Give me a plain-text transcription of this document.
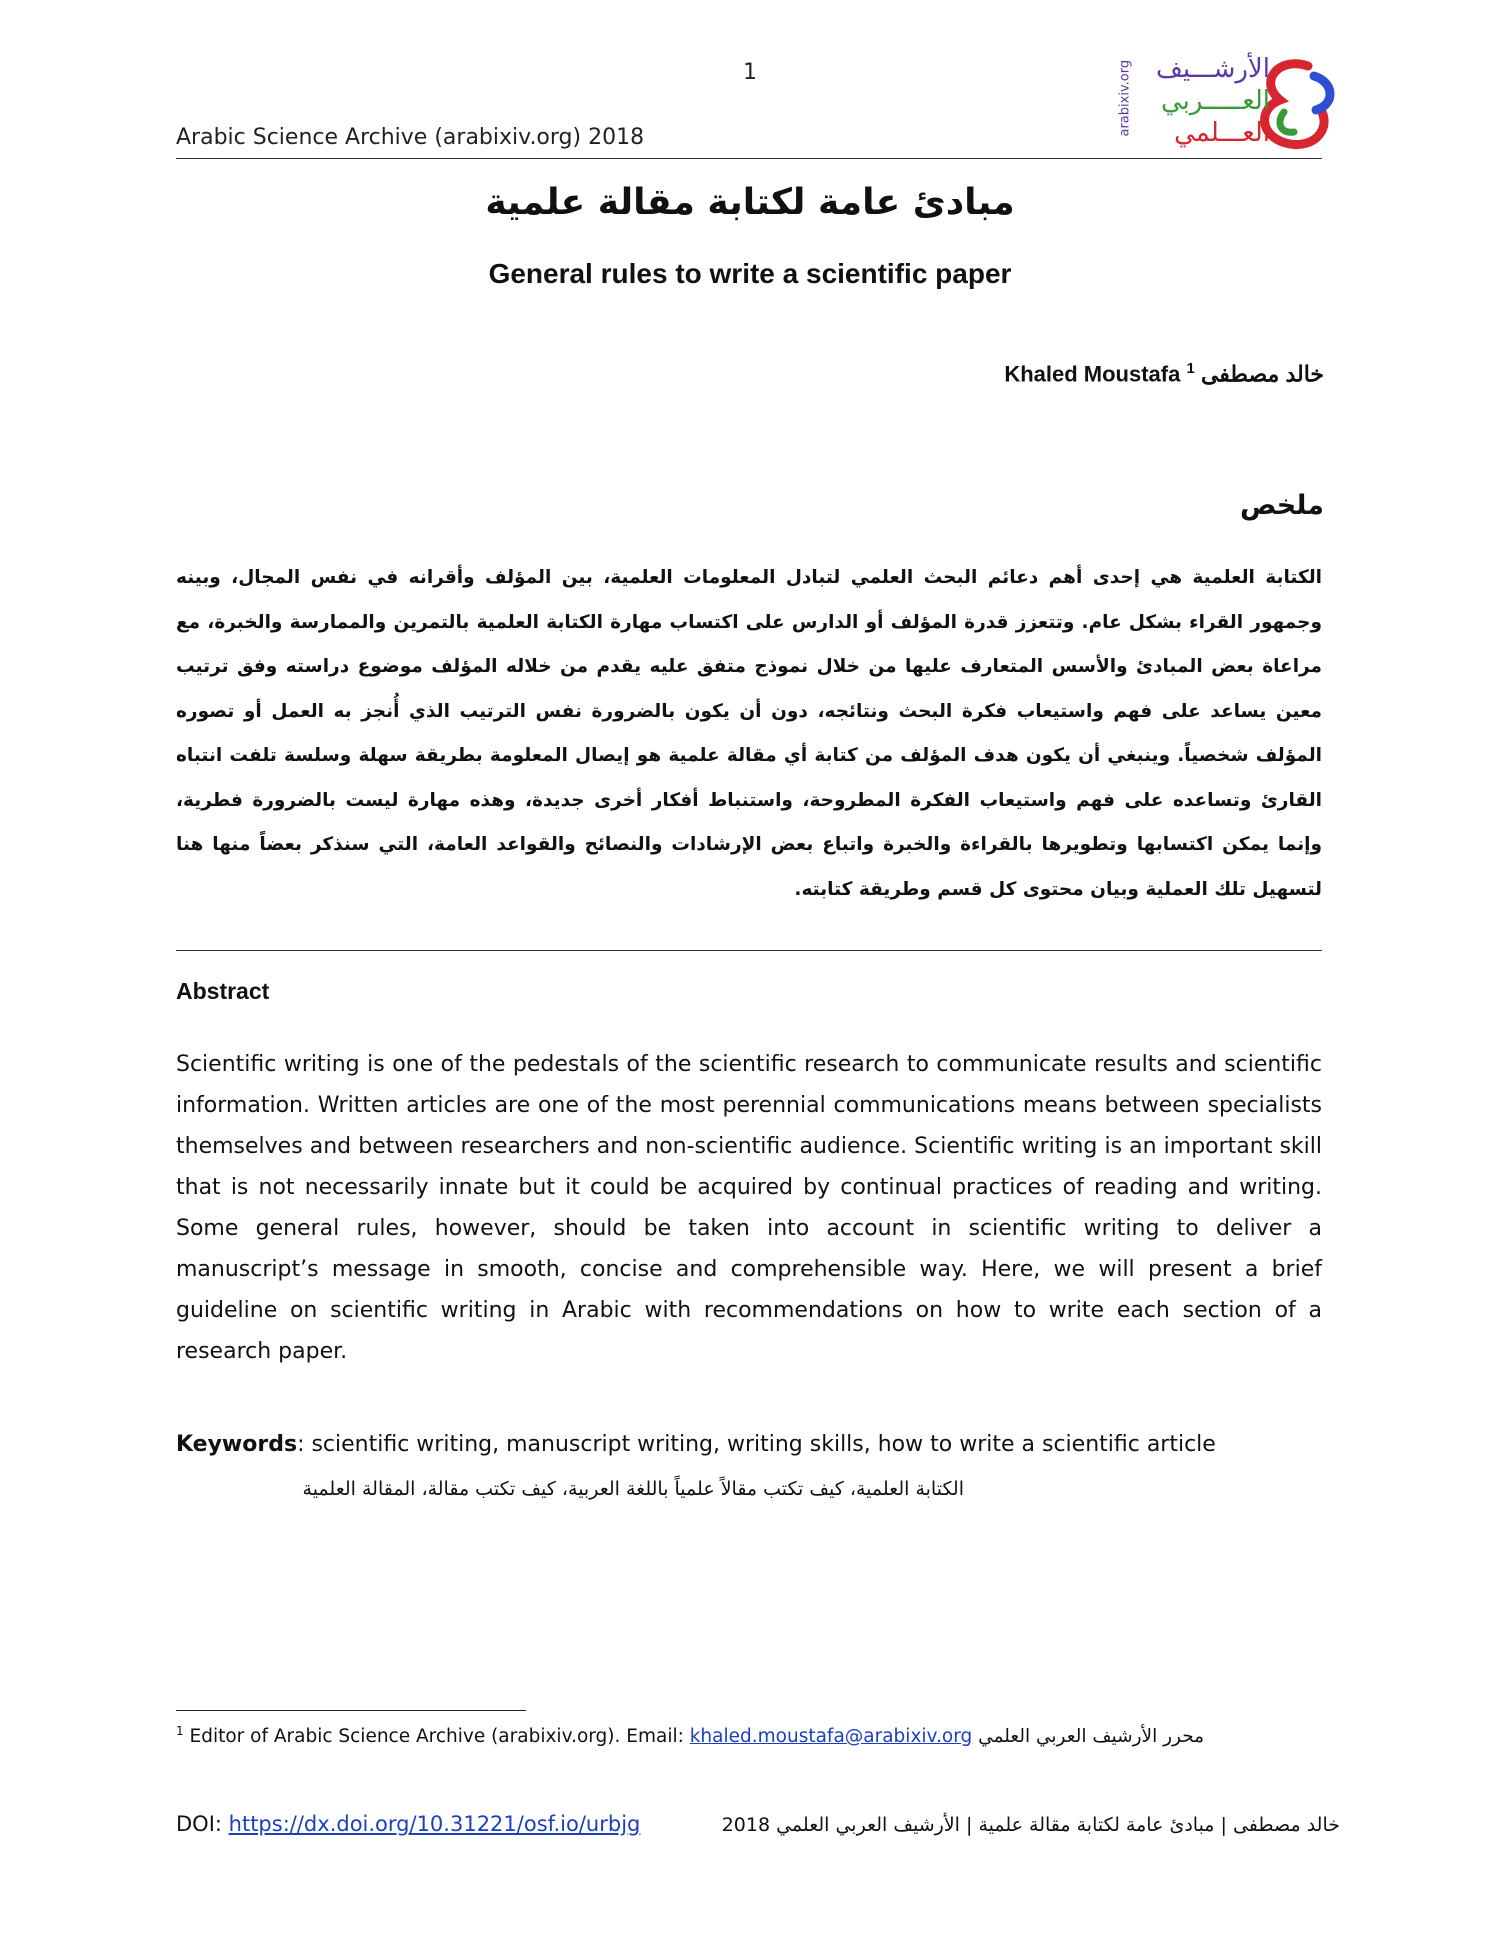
1
Arabic Science Archive (arabixiv.org) 2018
arabixiv.org الأرشـــيف
العـــــربي
العـــلمي
مبادئ عامة لكتابة مقالة علمية
General rules to write a scientific paper
خالد مصطفى $^1$ Khaled Moustafa
ملخص

الكتابة العلمية هي إحدى أهم دعائم البحث العلمي لتبادل المعلومات العلمية، بين المؤلف وأقرانه في نفس المجال، وبينه وجمهور القراء بشكل عام. وتتعزز قدرة المؤلف أو الدارس على اكتساب مهارة الكتابة العلمية بالتمرين والممارسة والخبرة، مع مراعاة بعض المبادئ والأسس المتعارف عليها من خلال نموذج متفق عليه يقدم من خلاله المؤلف موضوع دراسته وفق ترتيب معين يساعد على فهم واستيعاب فكرة البحث ونتائجه، دون أن يكون بالضرورة نفس الترتيب الذي أُنجز به العمل أو تصوره المؤلف شخصياً. وينبغي أن يكون هدف المؤلف من كتابة أي مقالة علمية هو إيصال المعلومة بطريقة سهلة وسلسة تلفت انتباه القارئ وتساعده على فهم واستيعاب الفكرة المطروحة، واستنباط أفكار أخرى جديدة، وهذه مهارة ليست بالضرورة فطرية، وإنما يمكن اكتسابها وتطويرها بالقراءة والخبرة واتباع بعض الإرشادات والنصائح والقواعد العامة، التي سنذكر بعضاً منها هنا لتسهيل تلك العملية وبيان محتوى كل قسم وطريقة كتابته.

Abstract

Scientific writing is one of the pedestals of the scientific research to communicate results and scientific information. Written articles are one of the most perennial communications means between specialists themselves and between researchers and non-scientific audience. Scientific writing is an important skill that is not necessarily innate but it could be acquired by continual practices of reading and writing. Some general rules, however, should be taken into account in scientific writing to deliver a manuscript’s message in smooth, concise and comprehensible way. Here, we will present a brief guideline on scientific writing in Arabic with recommendations on how to write each section of a research paper.

Keywords: scientific writing, manuscript writing, writing skills, how to write a scientific article
الكتابة العلمية، كيف تكتب مقالاً علمياً باللغة العربية، كيف تكتب مقالة، المقالة العلمية
$^1$ Editor of Arabic Science Archive (arabixiv.org). Email: khaled.moustafa@arabixiv.org محرر الأرشيف العربي العلمي
DOI: https://dx.doi.org/10.31221/osf.io/urbjg	خالد مصطفى | مبادئ عامة لكتابة مقالة علمية | الأرشيف العربي العلمي 2018
